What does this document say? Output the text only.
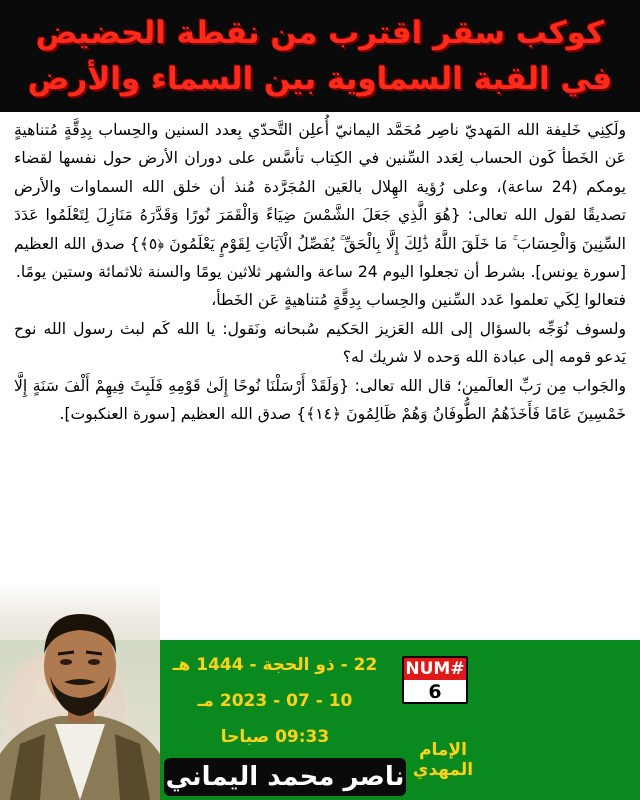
كوكب سقر اقترب من نقطة الحضيض
في القبة السماوية بين السماء والأرض

ولَكِنِي خَليفة الله المَهديّ ناصِر مُحَمَّد اليمانيّ أُعلِن التَّحدّي بِعدد السنين والحِساب بِدِقَّةٍ مُتناهيةٍ عَن الخَطأ كَون الحساب لِعَدد السِّنين في الكِتاب تأسَّس على دوران الأرض حول نفسها لقضاء يومكم (24 ساعة)، وعلى رُؤية الهِلال بالعَين المُجَرَّدة مُنذ أن خلق الله السماوات والأرض تصديقًا لقول الله تعالى: {هُوَ الَّذِي جَعَلَ الشَّمْسَ ضِيَاءً وَالْقَمَرَ نُورًا وَقَدَّرَهُ مَنَازِلَ لِتَعْلَمُوا عَدَدَ السِّنِينَ وَالْحِسَابَ ۚ مَا خَلَقَ اللَّهُ ذَٰلِكَ إِلَّا بِالْحَقِّ ۚ يُفَصِّلُ الْآيَاتِ لِقَوْمٍ يَعْلَمُونَ ﴿٥﴾} صدق الله العظيم [سورة يونس]. بشرط أن تجعلوا اليوم 24 ساعة والشهر ثلاثين يومًا والسنة ثلاثمائة وستين يومًا.

فتعالوا لِكَي تعلموا عَدد السِّنين والحِساب بِدِقَّةٍ مُتناهيةٍ عَن الخَطأ،

ولسوف نُوَجِّه بالسؤال إلى الله العَزيز الحَكيم سُبحانه ونَقول: يا الله كَم لبث رسول الله نوح يَدعو قومه إلى عبادة الله وَحده لا شريك له؟

والجَواب مِن رَبِّ العالَمين؛ قال الله تعالى: {وَلَقَدْ أَرْسَلْنَا نُوحًا إِلَىٰ قَوْمِهِ فَلَبِثَ فِيهِمْ أَلْفَ سَنَةٍ إِلَّا خَمْسِينَ عَامًا فَأَخَذَهُمُ الطُّوفَانُ وَهُمْ ظَالِمُونَ ﴿١٤﴾} صدق الله العظيم [سورة العنكبوت].

NUM#
6
22 - ذو الحجة - 1444 هـ
10 - 07 - 2023 مـ
09:33 صباحا
الإمام
المهدي
ناصر محمد اليماني
